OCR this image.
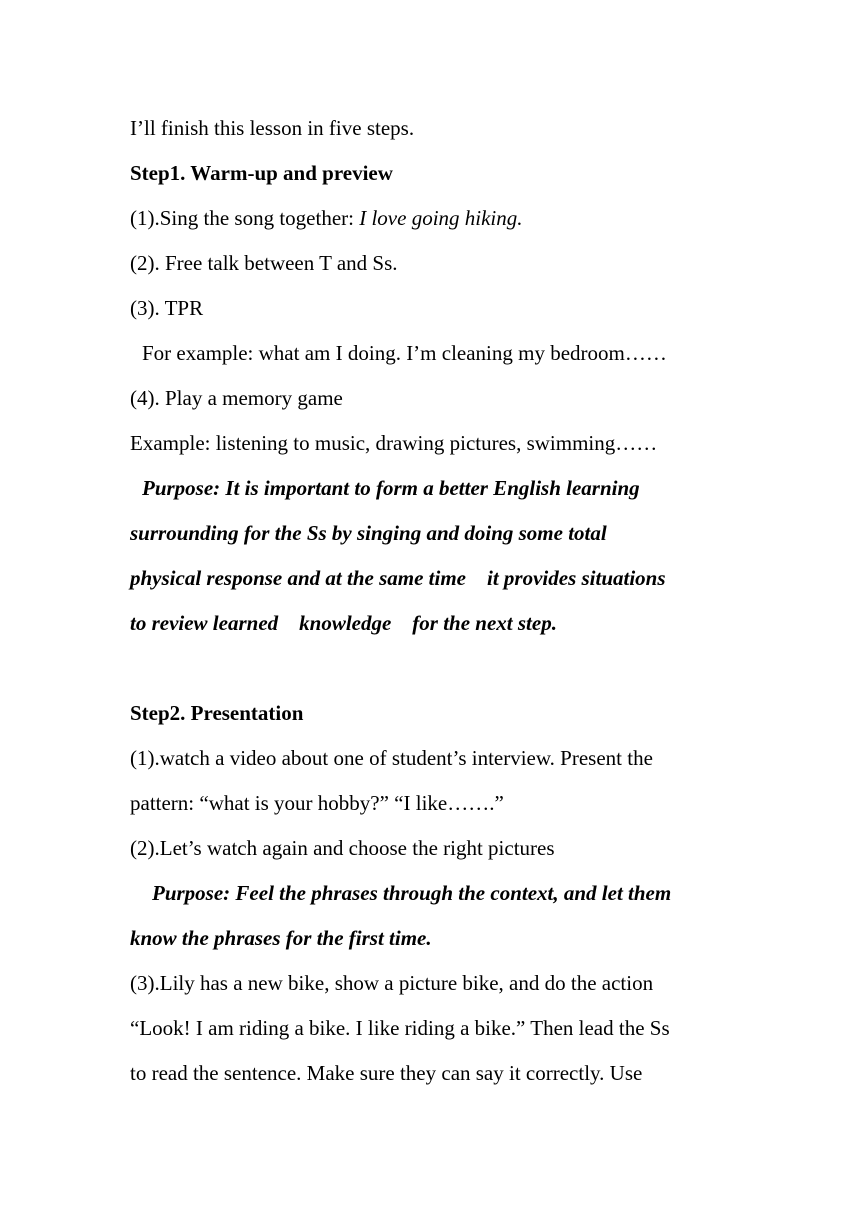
I’ll finish this lesson in five steps.

Step1. Warm-up and preview

(1).Sing the song together: I love going hiking.

(2). Free talk between T and Ss.

(3). TPR

For example: what am I doing. I’m cleaning my bedroom……

(4). Play a memory game

Example: listening to music, drawing pictures, swimming……

Purpose: It is important to form a better English learning

surrounding for the Ss by singing and doing some total

physical response and at the same time    it provides situations

to review learned    knowledge    for the next step.

Step2. Presentation

(1).watch a video about one of student’s interview. Present the

pattern: “what is your hobby?” “I like…….”

(2).Let’s watch again and choose the right pictures

Purpose: Feel the phrases through the context, and let them

know the phrases for the first time.

(3).Lily has a new bike, show a picture bike, and do the action

“Look! I am riding a bike. I like riding a bike.” Then lead the Ss

to read the sentence. Make sure they can say it correctly. Use
